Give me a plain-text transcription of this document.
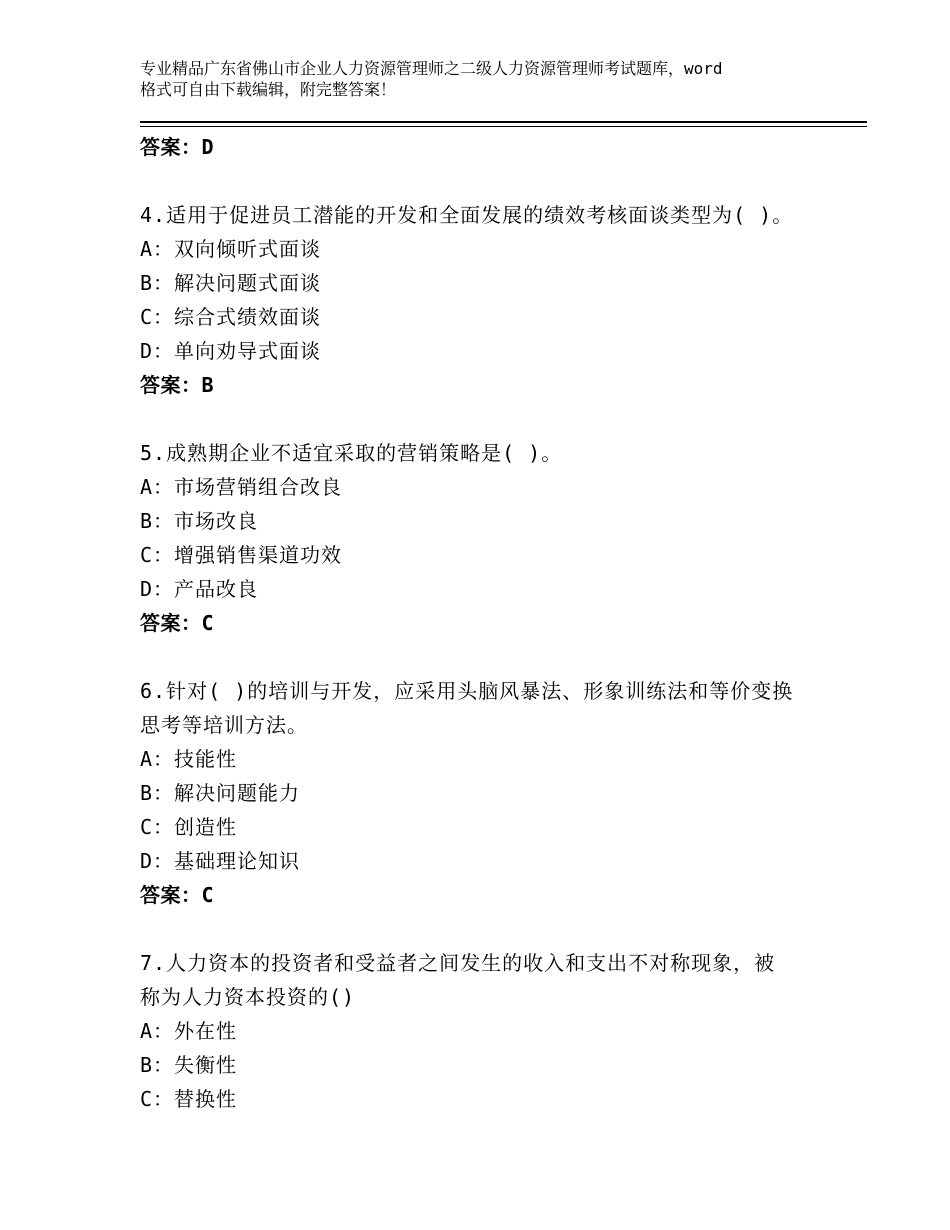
专业精品广东省佛山市企业人力资源管理师之二级人力资源管理师考试题库，word
格式可自由下载编辑，附完整答案！
答案：D
4.适用于促进员工潜能的开发和全面发展的绩效考核面谈类型为( )。
A：双向倾听式面谈
B：解决问题式面谈
C：综合式绩效面谈
D：单向劝导式面谈
答案：B
5.成熟期企业不适宜采取的营销策略是( )。
A：市场营销组合改良
B：市场改良
C：增强销售渠道功效
D：产品改良
答案：C
6.针对( )的培训与开发，应采用头脑风暴法、形象训练法和等价变换
思考等培训方法。
A：技能性
B：解决问题能力
C：创造性
D：基础理论知识
答案：C
7.人力资本的投资者和受益者之间发生的收入和支出不对称现象，被
称为人力资本投资的()
A：外在性
B：失衡性
C：替换性
